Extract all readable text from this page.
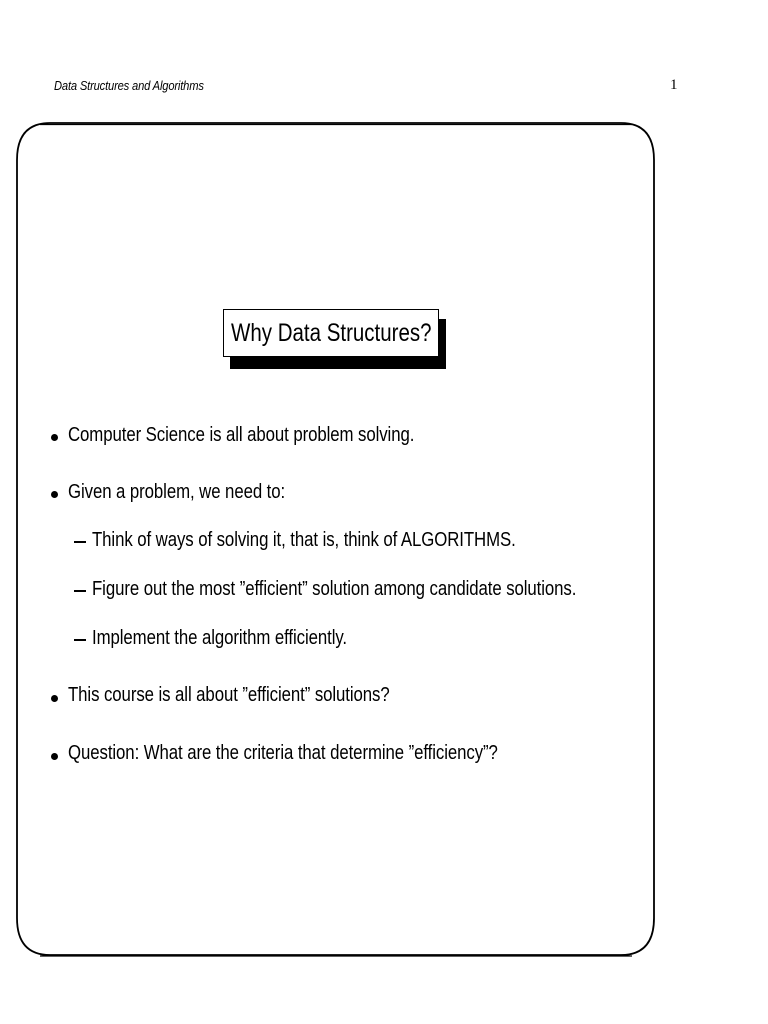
Data Structures and Algorithms	1
Why Data Structures?
Computer Science is all about problem solving.
Given a problem, we need to:
Think of ways of solving it, that is, think of ALGORITHMS.
Figure out the most ”efficient” solution among candidate solutions.
Implement the algorithm efficiently.
This course is all about ”efficient” solutions?
Question: What are the criteria that determine ”efficiency”?
